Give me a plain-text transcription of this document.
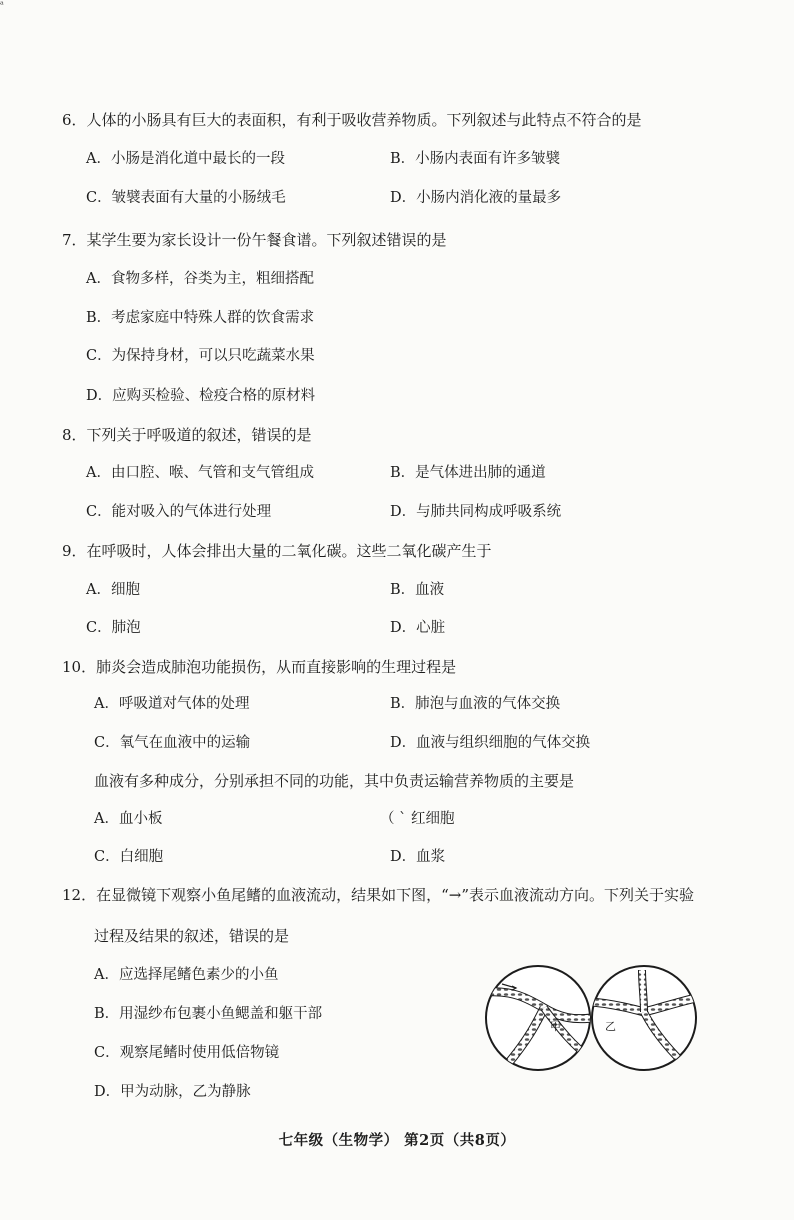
ᵃ
6．人体的小肠具有巨大的表面积，有利于吸收营养物质。下列叙述与此特点不符合的是
A．小肠是消化道中最长的一段	B．小肠内表面有许多皱襞
C．皱襞表面有大量的小肠绒毛	D．小肠内消化液的量最多
7．某学生要为家长设计一份午餐食谱。下列叙述错误的是
A．食物多样，谷类为主，粗细搭配
B．考虑家庭中特殊人群的饮食需求
C．为保持身材，可以只吃蔬菜水果
D．应购买检验、检疫合格的原材料
8．下列关于呼吸道的叙述，错误的是
A．由口腔、喉、气管和支气管组成	B．是气体进出肺的通道
C．能对吸入的气体进行处理	D．与肺共同构成呼吸系统
9．在呼吸时，人体会排出大量的二氧化碳。这些二氧化碳产生于
A．细胞	B．血液
C．肺泡	D．心脏
10．肺炎会造成肺泡功能损伤，从而直接影响的生理过程是
A．呼吸道对气体的处理	B．肺泡与血液的气体交换
C．氧气在血液中的运输	D．血液与组织细胞的气体交换
血液有多种成分，分别承担不同的功能，其中负责运输营养物质的主要是
A．血小板	（ ˋ 红细胞
C．白细胞	D．血浆
12．在显微镜下观察小鱼尾鳍的血液流动，结果如下图，“→”表示血液流动方向。下列关于实验
过程及结果的叙述，错误的是
A．应选择尾鳍色素少的小鱼
B．用湿纱布包裹小鱼鳃盖和躯干部
C．观察尾鳍时使用低倍物镜
D．甲为动脉，乙为静脉
甲	乙
七年级（生物学） 第2页（共8页）
